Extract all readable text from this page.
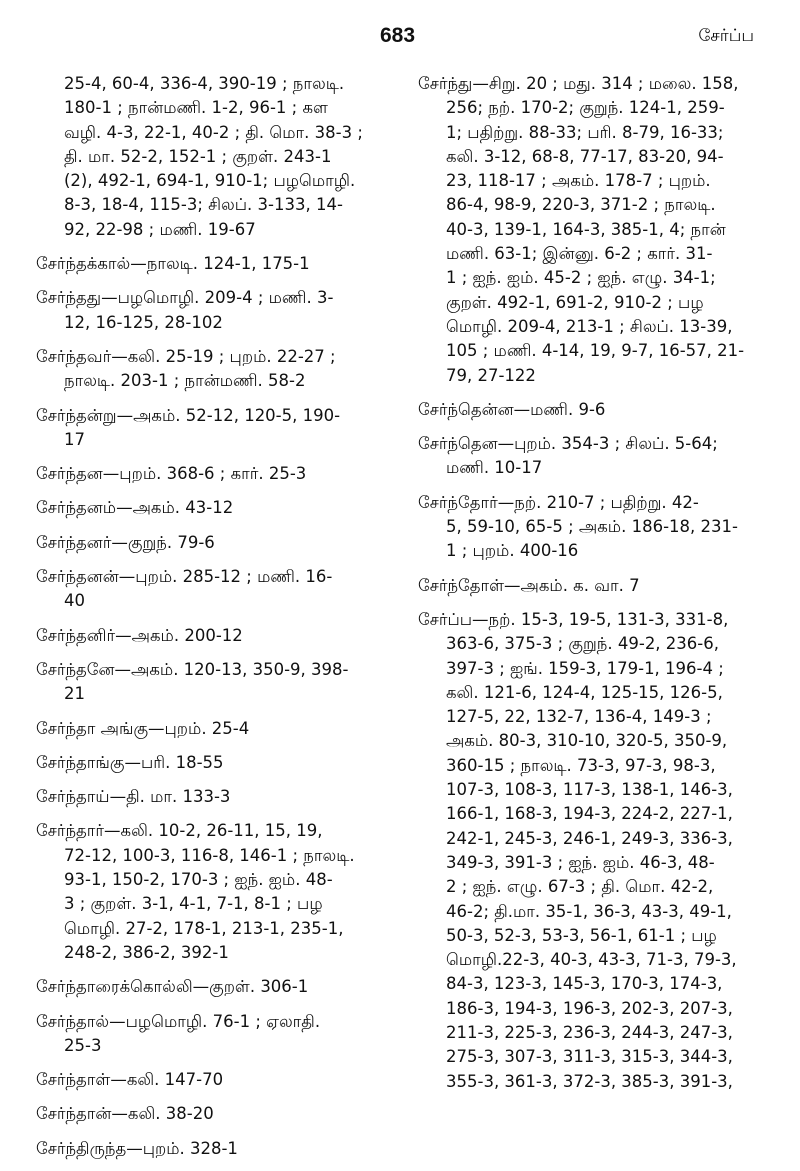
683	சேர்ப்ப
25-4, 60-4, 336-4, 390-19 ; நாலடி.
180-1 ; நான்மணி. 1-2, 96-1 ; கள
வழி. 4-3, 22-1, 40-2 ; தி. மொ. 38-3 ;
தி. மா. 52-2, 152-1 ; குறள். 243-1
(2), 492-1, 694-1, 910-1; பழமொழி.
8-3, 18-4, 115-3; சிலப். 3-133, 14-
92, 22-98 ; மணி. 19-67
சேர்ந்தக்கால்—நாலடி. 124-1, 175-1
சேர்ந்தது—பழமொழி. 209-4 ; மணி. 3-
12, 16-125, 28-102
சேர்ந்தவர்—கலி. 25-19 ; புறம். 22-27 ;
நாலடி. 203-1 ; நான்மணி. 58-2
சேர்ந்தன்று—அகம். 52-12, 120-5, 190-
17
சேர்ந்தன—புறம். 368-6 ; கார். 25-3
சேர்ந்தனம்—அகம். 43-12
சேர்ந்தனர்—குறுந். 79-6
சேர்ந்தனன்—புறம். 285-12 ; மணி. 16-
40
சேர்ந்தனிர்—அகம். 200-12
சேர்ந்தனே—அகம். 120-13, 350-9, 398-
21
சேர்ந்தா அங்கு—புறம். 25-4
சேர்ந்தாங்கு—பரி. 18-55
சேர்ந்தாய்—தி. மா. 133-3
சேர்ந்தார்—கலி. 10-2, 26-11, 15, 19,
72-12, 100-3, 116-8, 146-1 ; நாலடி.
93-1, 150-2, 170-3 ; ஐந். ஐம். 48-
3 ; குறள். 3-1, 4-1, 7-1, 8-1 ; பழ
மொழி. 27-2, 178-1, 213-1, 235-1,
248-2, 386-2, 392-1
சேர்ந்தாரைக்கொல்லி—குறள். 306-1
சேர்ந்தால்—பழமொழி. 76-1 ; ஏலாதி.
25-3
சேர்ந்தாள்—கலி. 147-70
சேர்ந்தான்—கலி. 38-20
சேர்ந்திருந்த—புறம். 328-1
சேர்ந்து—சிறு. 20 ; மது. 314 ; மலை. 158,
256; நற். 170-2; குறுந். 124-1, 259-
1; பதிற்று. 88-33; பரி. 8-79, 16-33;
கலி. 3-12, 68-8, 77-17, 83-20, 94-
23, 118-17 ; அகம். 178-7 ; புறம்.
86-4, 98-9, 220-3, 371-2 ; நாலடி.
40-3, 139-1, 164-3, 385-1, 4; நான்
மணி. 63-1; இன்னு. 6-2 ; கார். 31-
1 ; ஐந். ஐம். 45-2 ; ஐந். எழு. 34-1;
குறள். 492-1, 691-2, 910-2 ; பழ
மொழி. 209-4, 213-1 ; சிலப். 13-39,
105 ; மணி. 4-14, 19, 9-7, 16-57, 21-
79, 27-122
சேர்ந்தென்ன—மணி. 9-6
சேர்ந்தென—புறம். 354-3 ; சிலப். 5-64;
மணி. 10-17
சேர்ந்தோர்—நற். 210-7 ; பதிற்று. 42-
5, 59-10, 65-5 ; அகம். 186-18, 231-
1 ; புறம். 400-16
சேர்ந்தோள்—அகம். க. வா. 7
சேர்ப்ப—நற். 15-3, 19-5, 131-3, 331-8,
363-6, 375-3 ; குறுந். 49-2, 236-6,
397-3 ; ஐங். 159-3, 179-1, 196-4 ;
கலி. 121-6, 124-4, 125-15, 126-5,
127-5, 22, 132-7, 136-4, 149-3 ;
அகம். 80-3, 310-10, 320-5, 350-9,
360-15 ; நாலடி. 73-3, 97-3, 98-3,
107-3, 108-3, 117-3, 138-1, 146-3,
166-1, 168-3, 194-3, 224-2, 227-1,
242-1, 245-3, 246-1, 249-3, 336-3,
349-3, 391-3 ; ஐந். ஐம். 46-3, 48-
2 ; ஐந். எழு. 67-3 ; தி. மொ. 42-2,
46-2; தி.மா. 35-1, 36-3, 43-3, 49-1,
50-3, 52-3, 53-3, 56-1, 61-1 ; பழ
மொழி.22-3, 40-3, 43-3, 71-3, 79-3,
84-3, 123-3, 145-3, 170-3, 174-3,
186-3, 194-3, 196-3, 202-3, 207-3,
211-3, 225-3, 236-3, 244-3, 247-3,
275-3, 307-3, 311-3, 315-3, 344-3,
355-3, 361-3, 372-3, 385-3, 391-3,
